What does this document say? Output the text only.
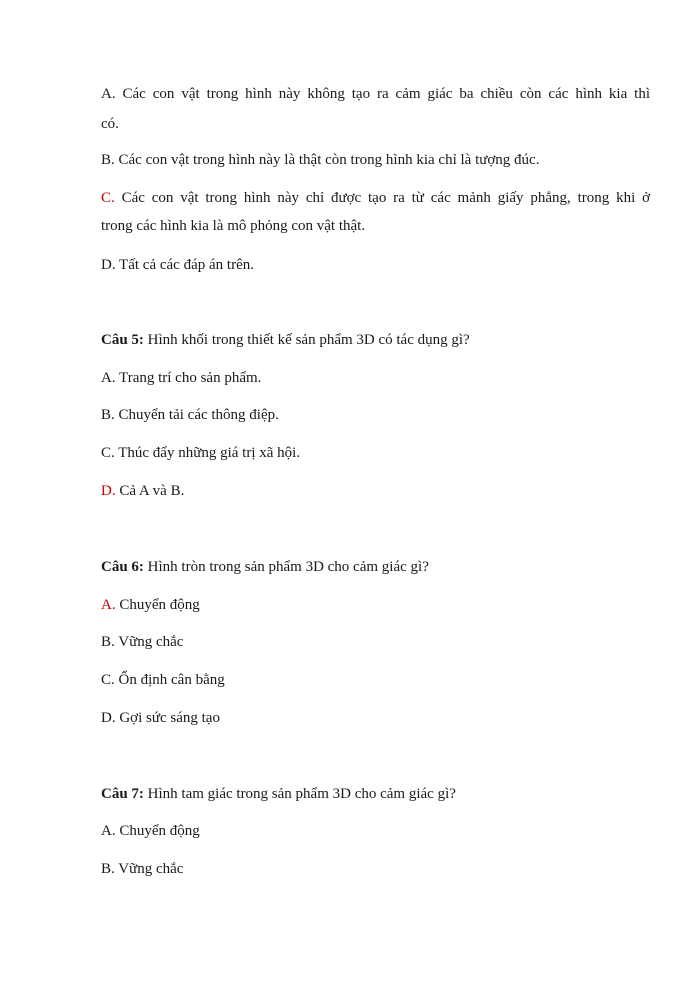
A. Các con vật trong hình này không tạo ra cảm giác ba chiều còn các hình kia thì
có.
B. Các con vật trong hình này là thật còn trong hình kia chỉ là tượng đúc.
C. Các con vật trong hình này chỉ được tạo ra từ các mảnh giấy phẳng, trong khi ở
trong các hình kia là mô phỏng con vật thật.
D. Tất cả các đáp án trên.
Câu 5: Hình khối trong thiết kế sản phẩm 3D có tác dụng gì?
A. Trang trí cho sản phẩm.
B. Chuyển tải các thông điệp.
C. Thúc đẩy những giá trị xã hội.
D. Cả A và B.
Câu 6: Hình tròn trong sản phẩm 3D cho cảm giác gì?
A. Chuyển động
B. Vững chắc
C. Ổn định cân bằng
D. Gợi sức sáng tạo
Câu 7: Hình tam giác trong sản phẩm 3D cho cảm giác gì?
A. Chuyển động
B. Vững chắc
